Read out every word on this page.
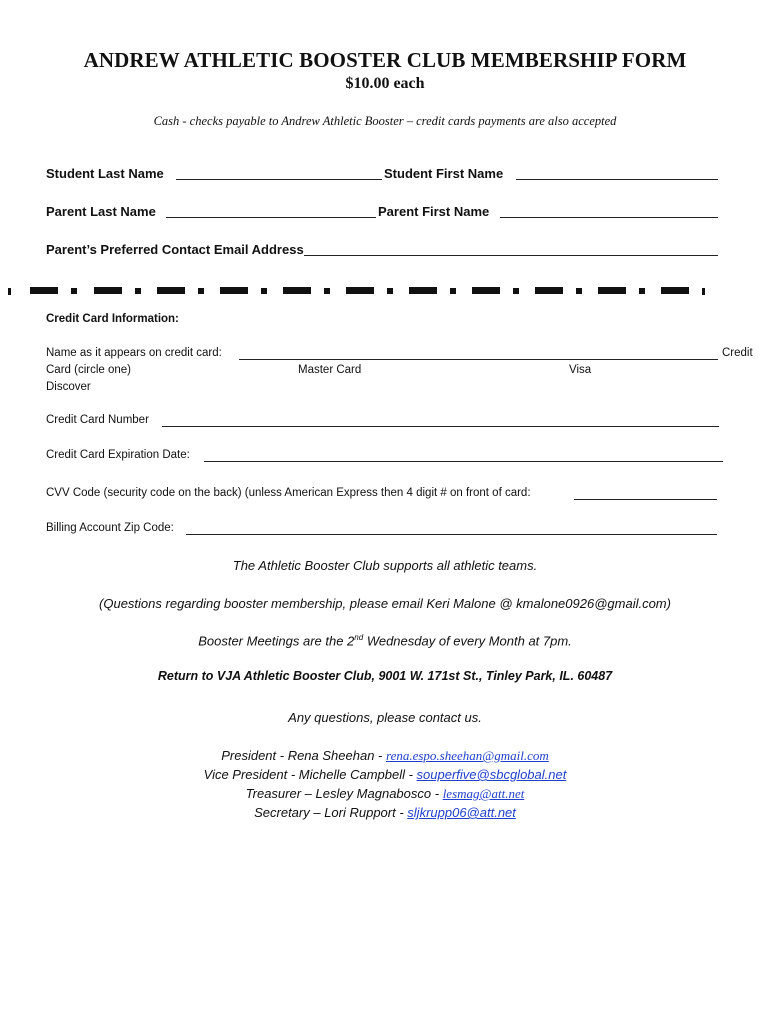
ANDREW ATHLETIC BOOSTER CLUB MEMBERSHIP FORM
$10.00 each
Cash - checks payable to Andrew Athletic Booster – credit cards payments are also accepted
Student Last Name	Student First Name
Parent Last Name	Parent First Name
Parent’s Preferred Contact Email Address
Credit Card Information:
Name as it appears on credit card:	Credit
Card (circle one)	Master Card	Visa
Discover
Credit Card Number
Credit Card Expiration Date:
CVV Code (security code on the back) (unless American Express then 4 digit # on front of card:
Billing Account Zip Code:
The Athletic Booster Club supports all athletic teams.
(Questions regarding booster membership, please email Keri Malone @ kmalone0926@gmail.com)
Booster Meetings are the 2nd Wednesday of every Month at 7pm.
Return to VJA Athletic Booster Club, 9001 W. 171st St., Tinley Park, IL. 60487
Any questions, please contact us.
President - Rena Sheehan - rena.espo.sheehan@gmail.com
Vice President - Michelle Campbell - souperfive@sbcglobal.net
Treasurer – Lesley Magnabosco - lesmag@att.net
Secretary – Lori Rupport - sljkrupp06@att.net
